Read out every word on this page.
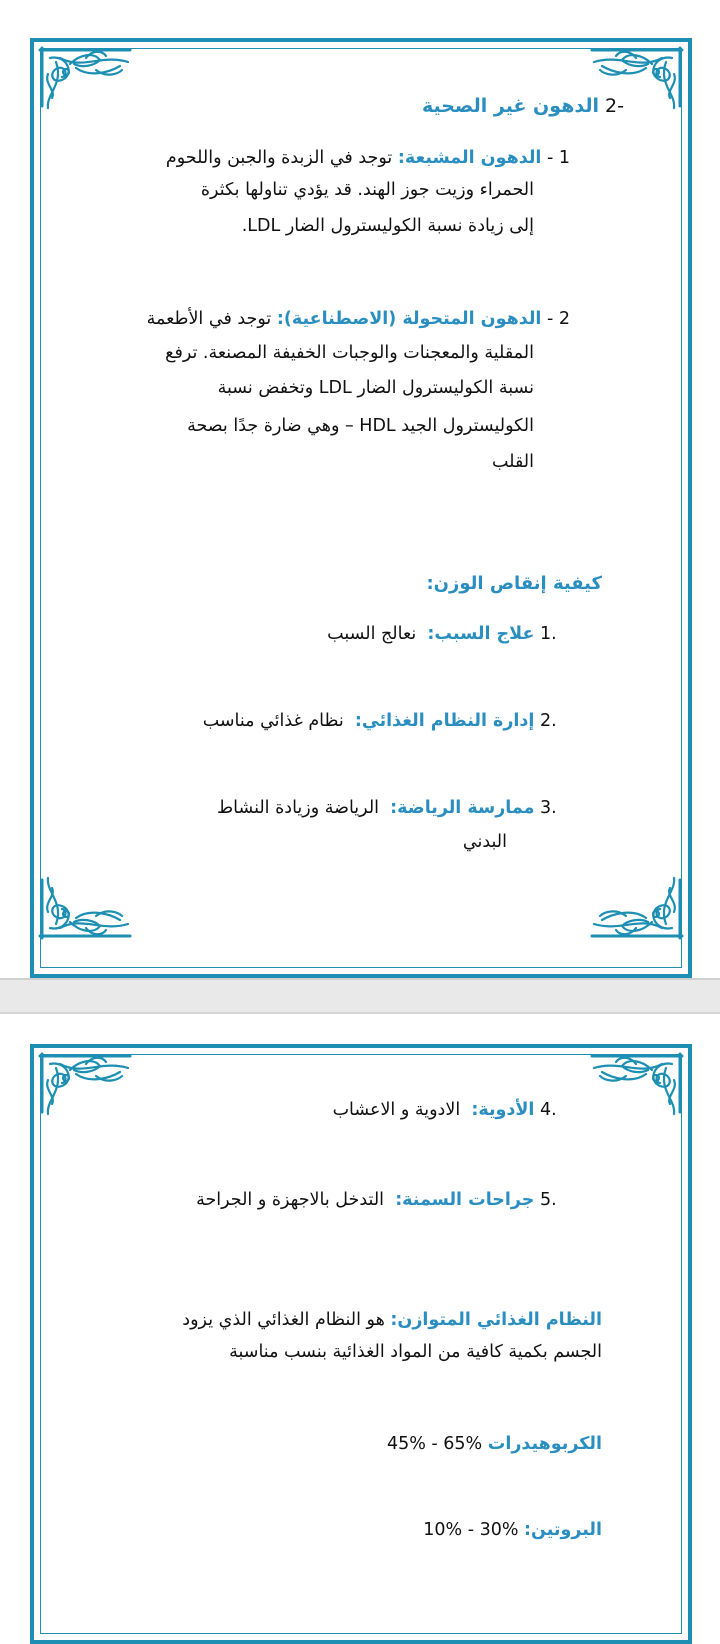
-2 الدهون غير الصحية
1 - الدهون المشبعة: توجد في الزبدة والجبن واللحوم
الحمراء وزيت جوز الهند. قد يؤدي تناولها بكثرة
إلى زيادة نسبة الكوليسترول الضار LDL.
2 - الدهون المتحولة (الاصطناعية): توجد في الأطعمة
المقلية والمعجنات والوجبات الخفيفة المصنعة. ترفع
نسبة الكوليسترول الضار LDL وتخفض نسبة
الكوليسترول الجيد HDL – وهي ضارة جدًا بصحة
القلب
كيفية إنقاص الوزن:
1. علاج السبب:  نعالج السبب
2. إدارة النظام الغذائي:  نظام غذائي مناسب
3. ممارسة الرياضة:  الرياضة وزيادة النشاط
البدني
4. الأدوية:  الادوية و الاعشاب
5. جراحات السمنة:  التدخل بالاجهزة و الجراحة
النظام الغذائي المتوازن: هو النظام الغذائي الذي يزود
الجسم بكمية كافية من المواد الغذائية بنسب مناسبة
الكربوهيدرات 45% - 65%
البروتين: 10% - 30%
